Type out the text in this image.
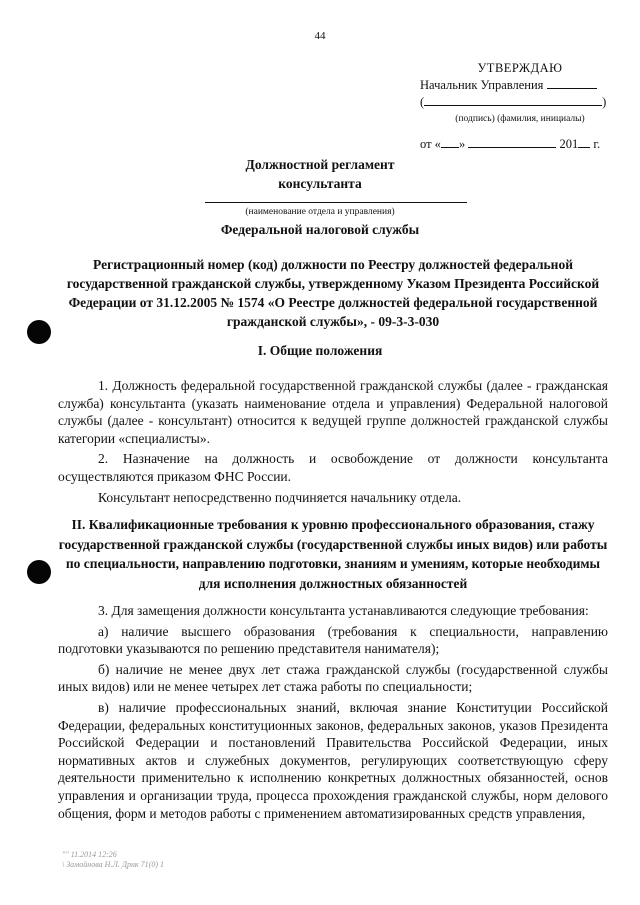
44
УТВЕРЖДАЮ
Начальник Управления
(	)
(подпись) (фамилия, инициалы)
от « »	201 г.
Должностной регламент
консультанта
(наименование отдела и управления)
Федеральной налоговой службы
Регистрационный номер (код) должности по Реестру должностей федеральной государственной гражданской службы, утвержденному Указом Президента Российской Федерации от 31.12.2005 № 1574 «О Реестре должностей федеральной государственной гражданской службы», - 09-3-3-030
I. Общие положения

1. Должность федеральной государственной гражданской службы (далее - гражданская служба) консультанта (указать наименование отдела и управления) Федеральной налоговой службы (далее - консультант) относится к ведущей группе должностей гражданской службы категории «специалисты».

2. Назначение на должность и освобождение от должности консультанта осуществляются приказом ФНС России.

Консультант непосредственно подчиняется начальнику отдела.

II. Квалификационные требования к уровню профессионального образования, стажу государственной гражданской службы (государственной службы иных видов) или работы по специальности, направлению подготовки, знаниям и умениям, которые необходимы для исполнения должностных обязанностей

3. Для замещения должности консультанта устанавливаются следующие требования:

а) наличие высшего образования (требования к специальности, направлению подготовки указываются по решению представителя нанимателя);

б) наличие не менее двух лет стажа гражданской службы (государственной службы иных видов) или не менее четырех лет стажа работы по специальности;

в) наличие профессиональных знаний, включая знание Конституции Российской Федерации, федеральных конституционных законов, федеральных законов, указов Президента Российской Федерации и постановлений Правительства Российской Федерации, иных нормативных актов и служебных документов, регулирующих соответствующую сферу деятельности применительно к исполнению конкретных должностных обязанностей, основ управления и организации труда, процесса прохождения гражданской службы, норм делового общения, форм и методов работы с применением автоматизированных средств управления,

"" 11.2014 12:26
\ Замойнова Н.Л. Дрнк 71(0) 1
